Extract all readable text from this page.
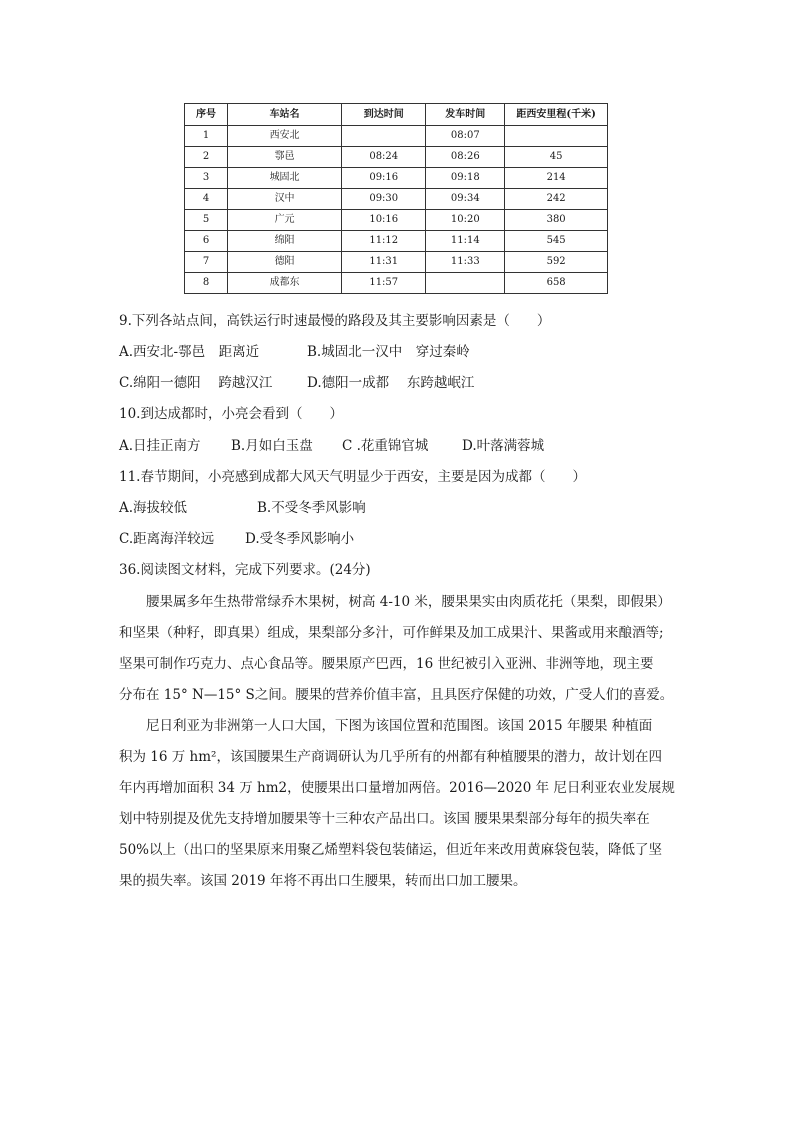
序号	车站名	到达时间	发车时间	距西安里程(千米)
1	西安北		08:07	
2	鄠邑	08:24	08:26	45
3	城固北	09:16	09:18	214
4	汉中	09:30	09:34	242
5	广元	10:16	10:20	380
6	绵阳	11:12	11:14	545
7	德阳	11:31	11:33	592
8	成都东	11:57		658
9.下列各站点间，高铁运行时速最慢的路段及其主要影响因素是（　　）
A.西安北-鄠邑　距离近	B.城固北一汉中　穿过秦岭
C.绵阳一德阳　 跨越汉江	D.德阳一成都　 东跨越岷江
10.到达成都时，小亮会看到（　　）
A.日挂正南方 B.月如白玉盘 C .花重锦官城 D.叶落满蓉城
11.春节期间，小亮感到成都大风天气明显少于西安，主要是因为成都（　　）
A.海拔较低	B.不受冬季风影响
C.距离海洋较远 D.受冬季风影响小
36.阅读图文材料，完成下列要求。(24分)
腰果属多年生热带常绿乔木果树，树高 4-10 米，腰果果实由肉质花托（果梨，即假果）
和坚果（种籽，即真果）组成，果梨部分多汁，可作鲜果及加工成果汁、果酱或用来酿酒等;
坚果可制作巧克力、点心食品等。腰果原产巴西，16 世纪被引入亚洲、非洲等地，现主要
分布在 15° N—15° S之间。腰果的营养价值丰富，且具医疗保健的功效，广受人们的喜爱。
尼日利亚为非洲第一人口大国，下图为该国位置和范围图。该国 2015 年腰果 种植面
积为 16 万 hm²，该国腰果生产商调研认为几乎所有的州都有种植腰果的潜力，故计划在四
年内再增加面积 34 万 hm2，使腰果出口量增加两倍。2016—2020 年 尼日利亚农业发展规
划中特别提及优先支持增加腰果等十三种农产品出口。该国 腰果果梨部分每年的损失率在
50%以上（出口的坚果原来用聚乙烯塑料袋包装储运，但近年来改用黄麻袋包装，降低了坚
果的损失率。该国 2019 年将不再出口生腰果，转而出口加工腰果。
